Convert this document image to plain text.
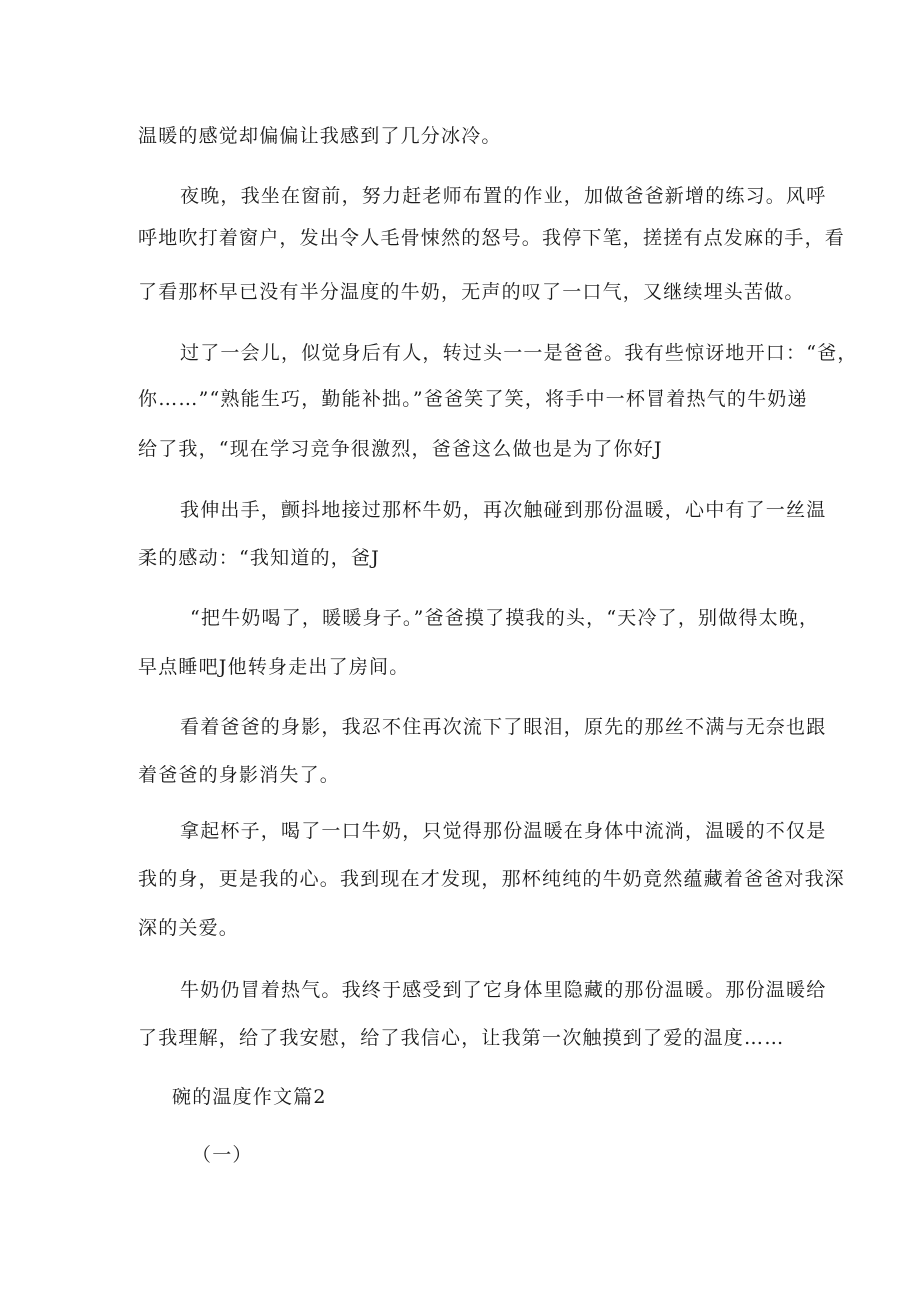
温暖的感觉却偏偏让我感到了几分冰冷。
夜晚，我坐在窗前，努力赶老师布置的作业，加做爸爸新增的练习。风呼
呼地吹打着窗户，发出令人毛骨悚然的怒号。我停下笔，搓搓有点发麻的手，看
了看那杯早已没有半分温度的牛奶，无声的叹了一口气，又继续埋头苦做。
过了一会儿，似觉身后有人，转过头一一是爸爸。我有些惊讶地开口：“爸，
你……”“熟能生巧，勤能补拙。”爸爸笑了笑，将手中一杯冒着热气的牛奶递
给了我，“现在学习竞争很激烈，爸爸这么做也是为了你好J
我伸出手，颤抖地接过那杯牛奶，再次触碰到那份温暖，心中有了一丝温
柔的感动：“我知道的，爸J
“把牛奶喝了，暖暖身子。”爸爸摸了摸我的头，“天冷了，别做得太晚，
早点睡吧J他转身走出了房间。
看着爸爸的身影，我忍不住再次流下了眼泪，原先的那丝不满与无奈也跟
着爸爸的身影消失了。
拿起杯子，喝了一口牛奶，只觉得那份温暖在身体中流淌，温暖的不仅是
我的身，更是我的心。我到现在才发现，那杯纯纯的牛奶竟然蕴藏着爸爸对我深
深的关爱。
牛奶仍冒着热气。我终于感受到了它身体里隐藏的那份温暖。那份温暖给
了我理解，给了我安慰，给了我信心，让我第一次触摸到了爱的温度……
碗的温度作文篇2
（一）
